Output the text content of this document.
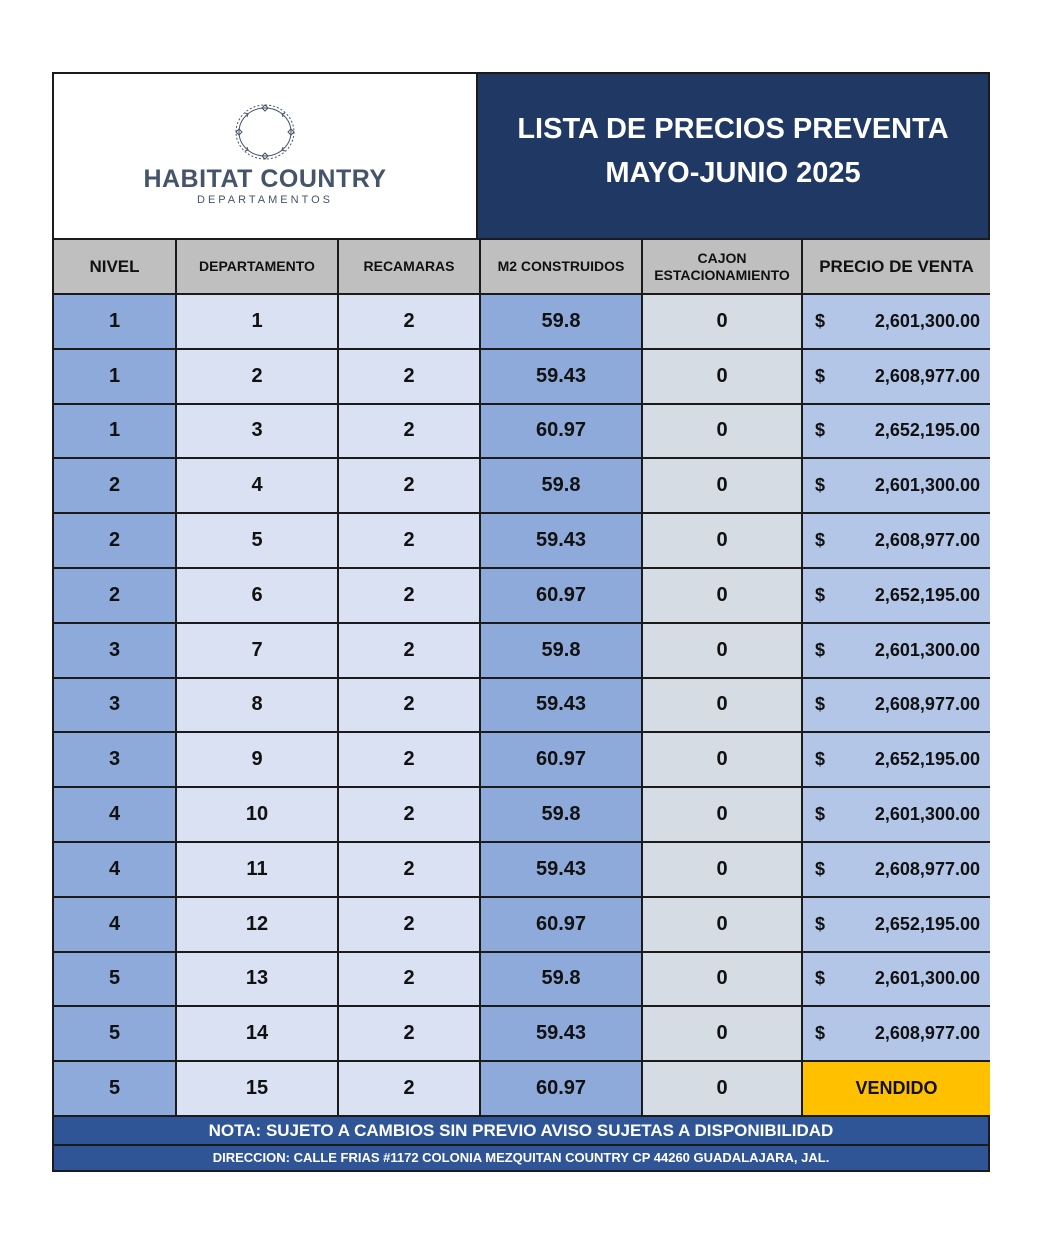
HABITAT COUNTRY
DEPARTAMENTOS
LISTA DE PRECIOS PREVENTA
MAYO-JUNIO 2025
NIVEL	DEPARTAMENTO	RECAMARAS	M2 CONSTRUIDOS	CAJON
ESTACIONAMIENTO	PRECIO DE VENTA
1	1	2	59.8	0	$ 2,601,300.00

1	2	2	59.43	0	$ 2,608,977.00

1	3	2	60.97	0	$ 2,652,195.00

2	4	2	59.8	0	$ 2,601,300.00

2	5	2	59.43	0	$ 2,608,977.00

2	6	2	60.97	0	$ 2,652,195.00

3	7	2	59.8	0	$ 2,601,300.00

3	8	2	59.43	0	$ 2,608,977.00

3	9	2	60.97	0	$ 2,652,195.00

4	10	2	59.8	0	$ 2,601,300.00

4	11	2	59.43	0	$ 2,608,977.00

4	12	2	60.97	0	$ 2,652,195.00

5	13	2	59.8	0	$ 2,601,300.00

5	14	2	59.43	0	$ 2,608,977.00

5	15	2	60.97	0	VENDIDO
NOTA: SUJETO A CAMBIOS SIN PREVIO AVISO SUJETAS A DISPONIBILIDAD
DIRECCION: CALLE FRIAS #1172 COLONIA MEZQUITAN COUNTRY CP 44260 GUADALAJARA, JAL.
